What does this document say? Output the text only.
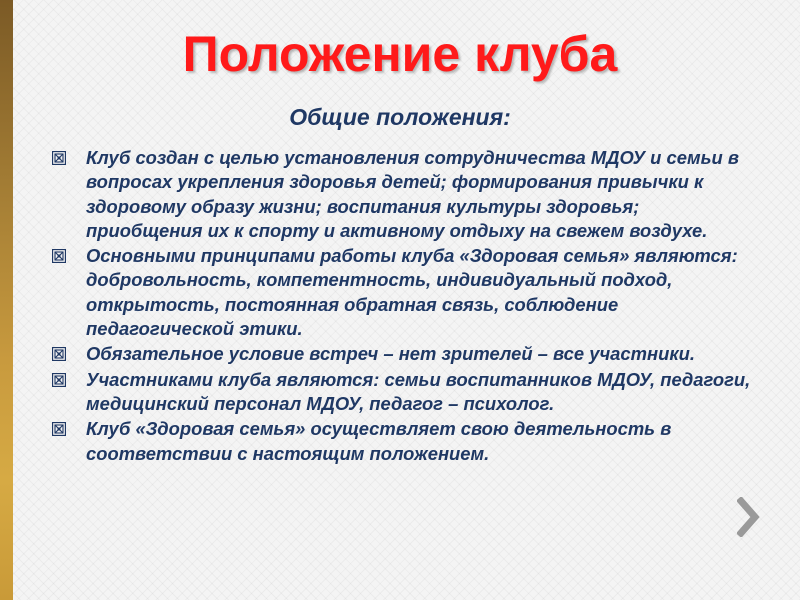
Положение клуба
Общие положения:
Клуб создан с целью установления сотрудничества МДОУ и семьи в вопросах укрепления здоровья детей; формирования привычки к здоровому образу жизни; воспитания культуры здоровья; приобщения их к спорту и активному отдыху на свежем воздухе.
Основными принципами работы клуба «Здоровая семья» являются: добровольность, компетентность, индивидуальный подход, открытость, постоянная обратная связь, соблюдение педагогической этики.
Обязательное условие встреч – нет зрителей – все участники.
Участниками клуба являются: семьи воспитанников МДОУ, педагоги, медицинский персонал МДОУ, педагог – психолог.
Клуб «Здоровая семья» осуществляет свою деятельность в соответствии с настоящим положением.
